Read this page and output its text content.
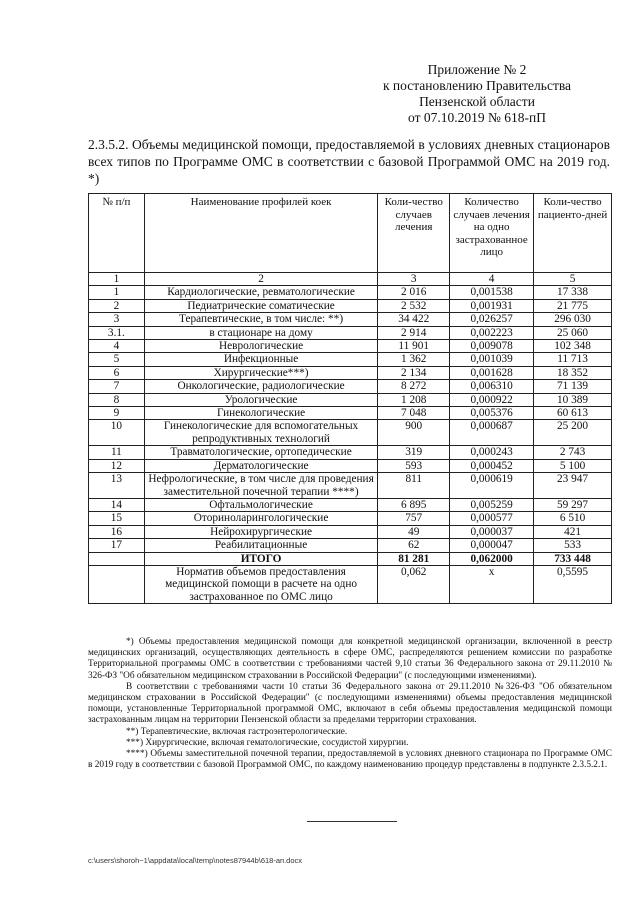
Приложение № 2
к постановлению Правительства
Пензенской области
от 07.10.2019 № 618-пП
2.3.5.2. Объемы медицинской помощи, предоставляемой в условиях дневных стационаров всех типов по Программе ОМС в соответствии с базовой Программой ОМС на 2019 год. *)
№ п/п	Наименование профилей коек	Коли-чество случаев лечения	Количество случаев лечения на одно застрахованное лицо	Коли-чество пациенто-дней
1	2	3	4	5
1	Кардиологические, ревматологические	2 016	0,001538	17 338
2	Педиатрические соматические	2 532	0,001931	21 775
3	Терапевтические, в том числе: **)	34 422	0,026257	296 030
3.1.	в стационаре на дому	2 914	0,002223	25 060
4	Неврологические	11 901	0,009078	102 348
5	Инфекционные	1 362	0,001039	11 713
6	Хирургические***)	2 134	0,001628	18 352
7	Онкологические, радиологические	8 272	0,006310	71 139
8	Урологические	1 208	0,000922	10 389
9	Гинекологические	7 048	0,005376	60 613
10	Гинекологические для вспомогательных репродуктивных технологий	900	0,000687	25 200
11	Травматологические, ортопедические	319	0,000243	2 743
12	Дерматологические	593	0,000452	5 100
13	Нефрологические, в том числе для проведения заместительной почечной терапии ****)	811	0,000619	23 947
14	Офтальмологические	6 895	0,005259	59 297
15	Оториноларингологические	757	0,000577	6 510
16	Нейрохирургические	49	0,000037	421
17	Реабилитационные	62	0,000047	533
	ИТОГО	81 281	0,062000	733 448
	Норматив объемов предоставления медицинской помощи в расчете на одно застрахованное по ОМС лицо	0,062	х	0,5595

*) Объемы предоставления медицинской помощи для конкретной медицинской организации, включенной в реестр медицинских организаций, осуществляющих деятельность в сфере ОМС, распределяются решением комиссии по разработке Территориальной программы ОМС в соответствии с требованиями частей 9,10 статьи 36 Федерального закона от 29.11.2010 № 326-ФЗ "Об обязательном медицинском страховании в Российской Федерации" (с последующими изменениями).

В соответствии с требованиями части 10 статьи 36 Федерального закона от 29.11.2010 №326-ФЗ "Об обязательном медицинском страховании в Российской Федерации" (с последующими изменениями) объемы предоставления медицинской помощи, установленные Территориальной программой ОМС, включают в себя объемы предоставления медицинской помощи застрахованным лицам на территории Пензенской области за пределами территории страхования.

**) Терапевтические, включая гастроэнтерологические.

***) Хирургические, включая гематологические, сосудистой хирургии.

****) Объемы заместительной почечной терапии, предоставляемой в условиях дневного стационара по Программе ОМС в 2019 году в соответствии с базовой Программой ОМС, по каждому наименованию процедур представлены в подпункте 2.3.5.2.1.

c:\users\shoroh~1\appdata\local\temp\notes87944b\618-ап.docx
